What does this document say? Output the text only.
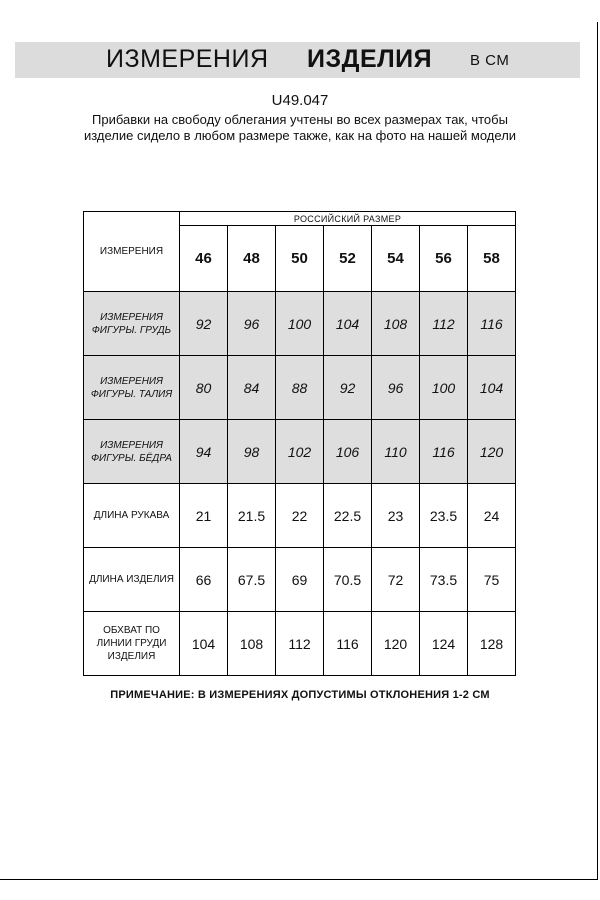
ИЗМЕРЕНИЯ ИЗДЕЛИЯ	В СМ
U49.047
Прибавки на свободу облегания учтены во всех размерах так, чтобы изделие сидело в любом размере также, как на фото на нашей модели
ИЗМЕРЕНИЯ	РОССИЙСКИЙ РАЗМЕР						
	46	48	50	52	54	56	58
ИЗМЕРЕНИЯ ФИГУРЫ. ГРУДЬ	92	96	100	104	108	112	116
ИЗМЕРЕНИЯ ФИГУРЫ. ТАЛИЯ	80	84	88	92	96	100	104
ИЗМЕРЕНИЯ ФИГУРЫ. БЁДРА	94	98	102	106	110	116	120
ДЛИНА РУКАВА	21	21.5	22	22.5	23	23.5	24
ДЛИНА ИЗДЕЛИЯ	66	67.5	69	70.5	72	73.5	75
ОБХВАТ ПО ЛИНИИ ГРУДИ ИЗДЕЛИЯ	104	108	112	116	120	124	128
ПРИМЕЧАНИЕ: В ИЗМЕРЕНИЯХ ДОПУСТИМЫ ОТКЛОНЕНИЯ 1-2 СМ
